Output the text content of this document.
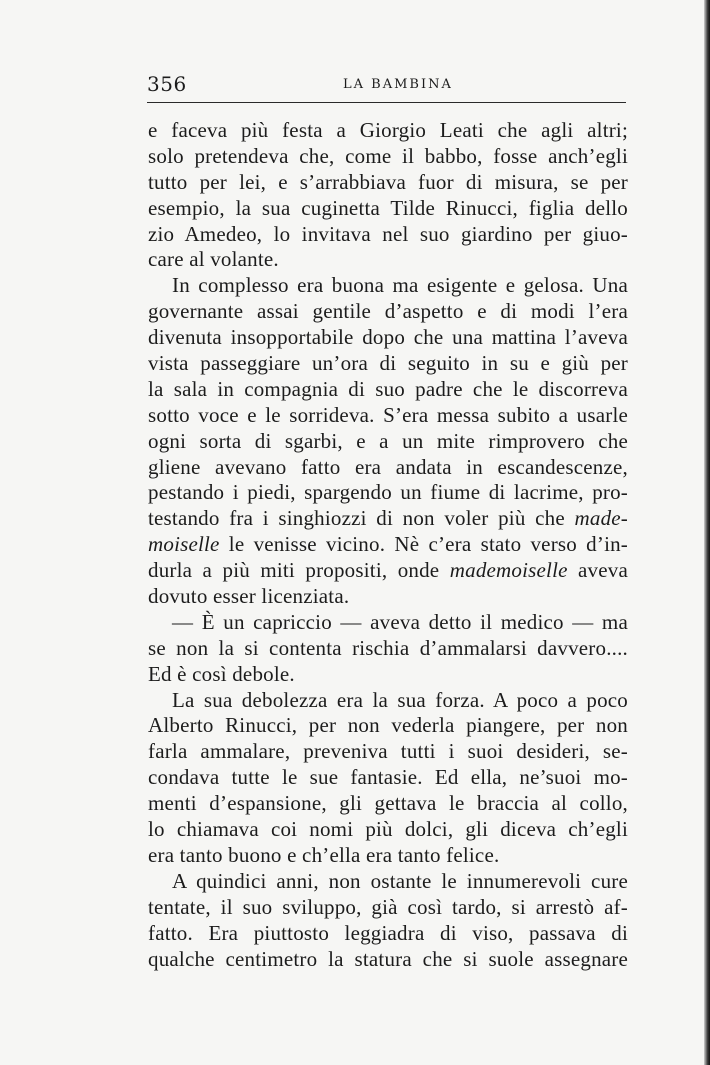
356	LA BAMBINA
e faceva più festa a Giorgio Leati che agli altri;
solo pretendeva che, come il babbo, fosse anch’egli
tutto per lei, e s’arrabbiava fuor di misura, se per
esempio, la sua cuginetta Tilde Rinucci, figlia dello
zio Amedeo, lo invitava nel suo giardino per giuo-
care al volante.
In complesso era buona ma esigente e gelosa. Una
governante assai gentile d’aspetto e di modi l’era
divenuta insopportabile dopo che una mattina l’aveva
vista passeggiare un’ora di seguito in su e giù per
la sala in compagnia di suo padre che le discorreva
sotto voce e le sorrideva. S’era messa subito a usarle
ogni sorta di sgarbi, e a un mite rimprovero che
gliene avevano fatto era andata in escandescenze,
pestando i piedi, spargendo un fiume di lacrime, pro-
testando fra i singhiozzi di non voler più che made-
moiselle le venisse vicino. Nè c’era stato verso d’in-
durla a più miti propositi, onde mademoiselle aveva
dovuto esser licenziata.
— È un capriccio — aveva detto il medico — ma
se non la si contenta rischia d’ammalarsi davvero....
Ed è così debole.
La sua debolezza era la sua forza. A poco a poco
Alberto Rinucci, per non vederla piangere, per non
farla ammalare, preveniva tutti i suoi desideri, se-
condava tutte le sue fantasie. Ed ella, ne’suoi mo-
menti d’espansione, gli gettava le braccia al collo,
lo chiamava coi nomi più dolci, gli diceva ch’egli
era tanto buono e ch’ella era tanto felice.
A quindici anni, non ostante le innumerevoli cure
tentate, il suo sviluppo, già così tardo, si arrestò af-
fatto. Era piuttosto leggiadra di viso, passava di
qualche centimetro la statura che si suole assegnare
